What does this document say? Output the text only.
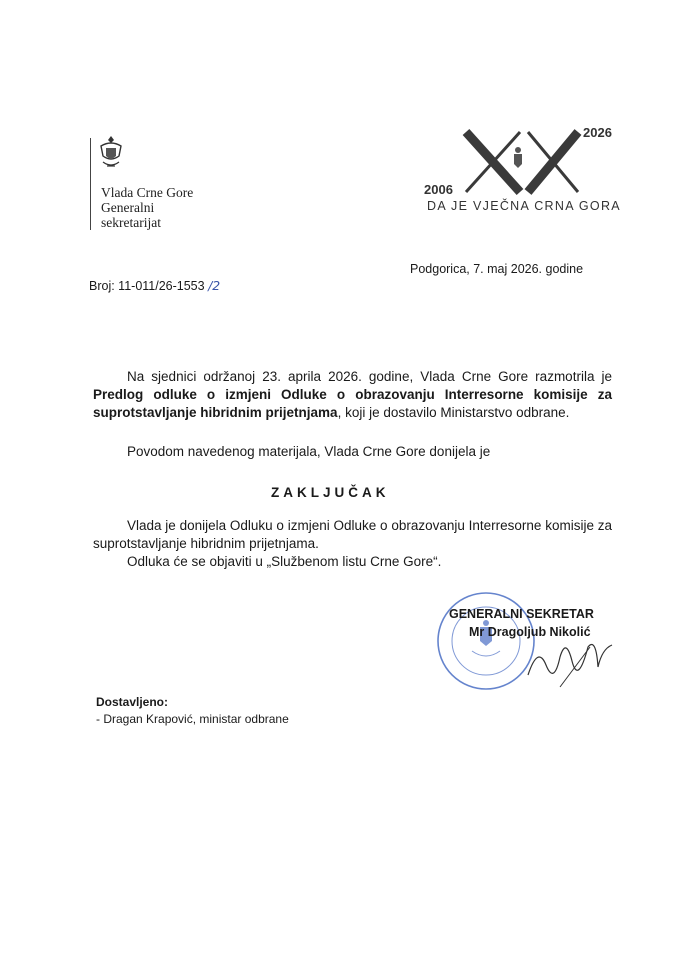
Vlada Crne Gore
Generalni
sekretarijat
2006
2026
DA JE VJEČNA CRNA GORA
Broj: 11-011/26-1553 /2
Podgorica, 7. maj 2026. godine
Na sjednici održanoj 23. aprila 2026. godine, Vlada Crne Gore razmotrila je Predlog odluke o izmjeni Odluke o obrazovanju Interresorne komisije za suprotstavljanje hibridnim prijetnjama, koji je dostavilo Ministarstvo odbrane.
Povodom navedenog materijala, Vlada Crne Gore donijela je
ZAKLJUČAK
Vlada je donijela Odluku o izmjeni Odluke o obrazovanju Interresorne komisije za suprotstavljanje hibridnim prijetnjama.
Odluka će se objaviti u „Službenom listu Crne Gore“.
GENERALNI SEKRETAR
Mr Dragoljub Nikolić
Dostavljeno:
- Dragan Krapović, ministar odbrane
